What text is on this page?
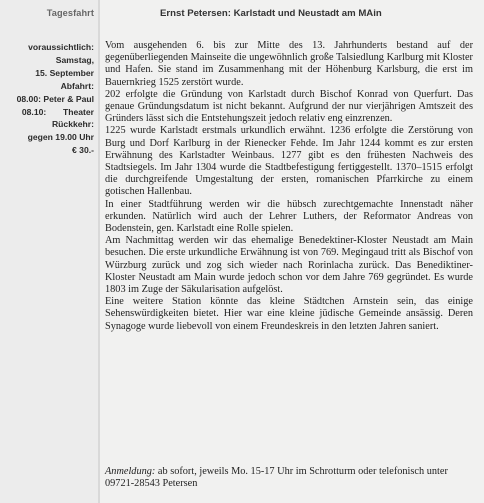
Tagesfahrt
voraussichtlich:
Samstag,
15. September
Abfahrt:
08.00: Peter & Paul
08.10:       Theater
Rückkehr:
gegen 19.00 Uhr
€ 30.-
Ernst Petersen: Karlstadt und Neustadt am MAin

Vom ausgehenden 6. bis zur Mitte des 13. Jahrhunderts bestand auf der gegenüberliegenden Mainseite die ungewöhnlich große Talsiedlung Karlburg mit Kloster und Hafen. Sie stand im Zusammenhang mit der Höhenburg Karlsburg, die erst im Bauernkrieg 1525 zerstört wurde.

202 erfolgte die Gründung von Karlstadt durch Bischof Konrad von Querfurt. Das genaue Gründungsdatum ist nicht bekannt. Aufgrund der nur vierjährigen Amtszeit des Gründers lässt sich die Entstehungszeit jedoch relativ eng einzrenzen.

1225 wurde Karlstadt erstmals urkundlich erwähnt. 1236 erfolgte die Zerstörung von Burg und Dorf Karlburg in der Rienecker Fehde. Im Jahr 1244 kommt es zur ersten Erwähnung des Karlstadter Weinbaus. 1277 gibt es den frühesten Nachweis des Stadtsiegels. Im Jahr 1304 wurde die Stadtbefestigung fertiggestellt. 1370–1515 erfolgt die durchgreifende Umgestaltung der ersten, romanischen Pfarrkirche zu einem gotischen Hallenbau.

In einer Stadtführung werden wir die hübsch zurechtgemachte Innenstadt näher erkunden. Natürlich wird auch der Lehrer Luthers, der Reformator Andreas von Bodenstein, gen. Karlstadt eine Rolle spielen.

Am Nachmittag werden wir das ehemalige Benedektiner-Kloster Neustadt am Main besuchen. Die erste urkundliche Erwähnung ist von 769. Megingaud tritt als Bischof von Würzburg zurück und zog sich wieder nach Rorinlacha zurück. Das Benediktiner-Kloster Neustadt am Main wurde jedoch schon vor dem Jahre 769 gegründet. Es wurde 1803 im Zuge der Säkularisation aufgelöst.

Eine weitere Station könnte das kleine Städtchen Arnstein sein, das einige Sehenswürdigkeiten bietet. Hier war eine kleine jüdische Gemeinde ansässig. Deren Synagoge wurde liebevoll von einem Freundeskreis in den letzten Jahren saniert.

Anmeldung: ab sofort, jeweils Mo. 15-17 Uhr im Schrotturm oder telefonisch unter 09721-28543 Petersen
